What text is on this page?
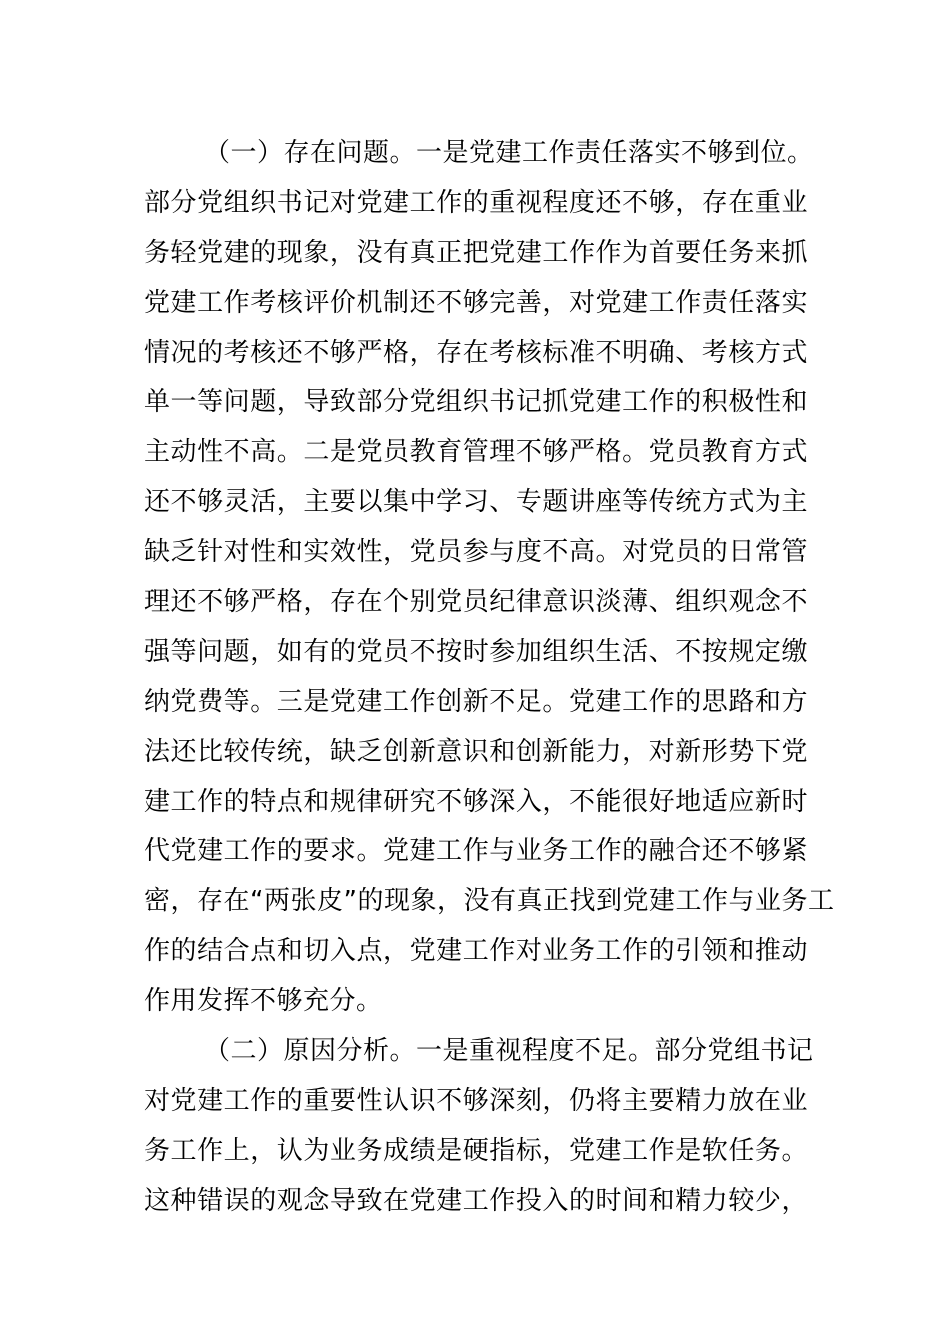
（一）存在问题。一是党建工作责任落实不够到位。
部分党组织书记对党建工作的重视程度还不够，存在重业
务轻党建的现象，没有真正把党建工作作为首要任务来抓
党建工作考核评价机制还不够完善，对党建工作责任落实
情况的考核还不够严格，存在考核标准不明确、考核方式
单一等问题，导致部分党组织书记抓党建工作的积极性和
主动性不高。二是党员教育管理不够严格。党员教育方式
还不够灵活，主要以集中学习、专题讲座等传统方式为主
缺乏针对性和实效性，党员参与度不高。对党员的日常管
理还不够严格，存在个别党员纪律意识淡薄、组织观念不
强等问题，如有的党员不按时参加组织生活、不按规定缴
纳党费等。三是党建工作创新不足。党建工作的思路和方
法还比较传统，缺乏创新意识和创新能力，对新形势下党
建工作的特点和规律研究不够深入，不能很好地适应新时
代党建工作的要求。党建工作与业务工作的融合还不够紧
密，存在“两张皮”的现象，没有真正找到党建工作与业务工
作的结合点和切入点，党建工作对业务工作的引领和推动
作用发挥不够充分。
（二）原因分析。一是重视程度不足。部分党组书记
对党建工作的重要性认识不够深刻，仍将主要精力放在业
务工作上，认为业务成绩是硬指标，党建工作是软任务。
这种错误的观念导致在党建工作投入的时间和精力较少，
